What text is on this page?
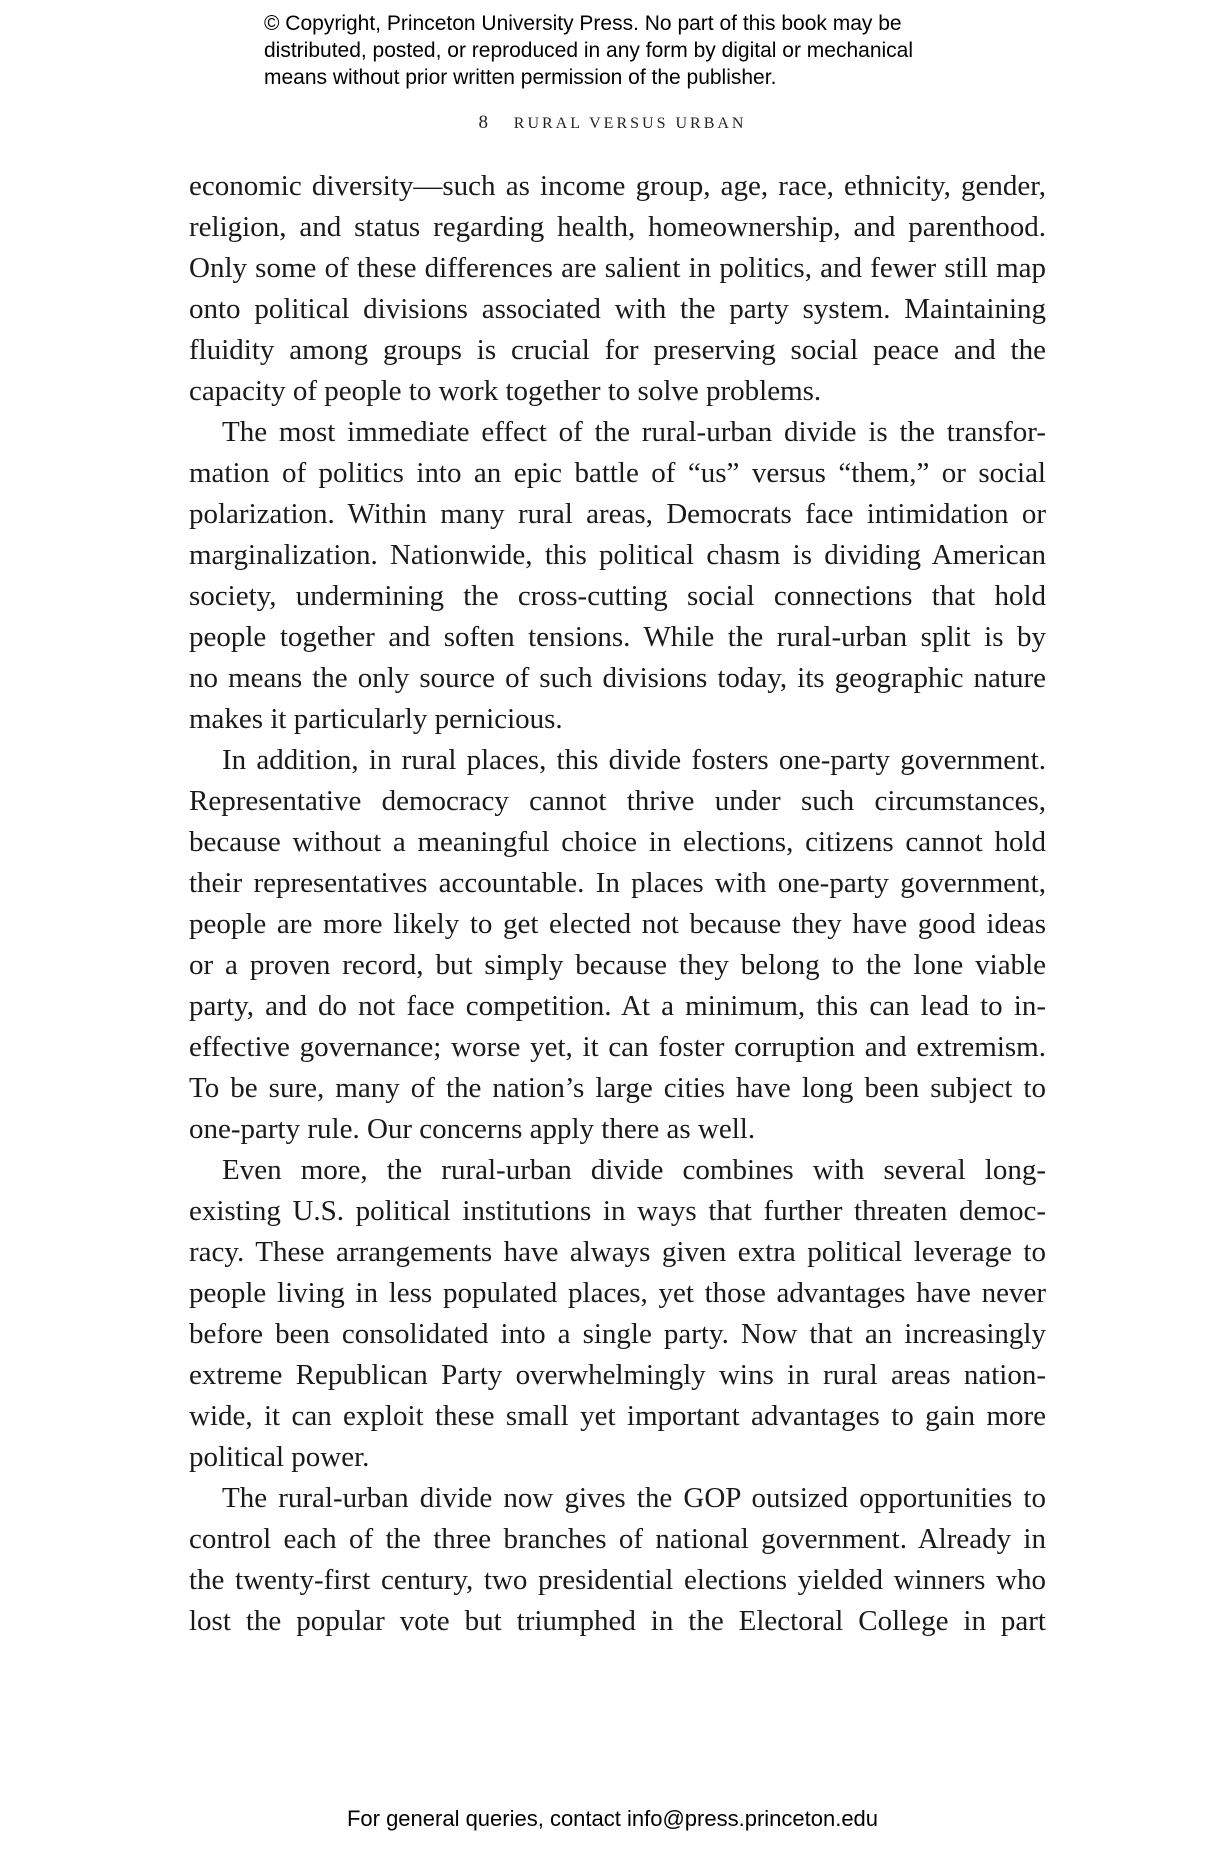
© Copyright, Princeton University Press. No part of this book may be
distributed, posted, or reproduced in any form by digital or mechanical
means without prior written permission of the publisher.
8 RURAL VERSUS URBAN
economic diversity—such as income group, age, race, ethnicity, gender,
religion, and status regarding health, homeownership, and parenthood.
Only some of these differences are salient in politics, and fewer still map
onto political divisions associated with the party system. Maintaining
fluidity among groups is crucial for preserving social peace and the
capacity of people to work together to solve problems.
The most immediate effect of the rural-urban divide is the transfor-
mation of politics into an epic battle of “us” versus “them,” or social
polarization. Within many rural areas, Democrats face intimidation or
marginalization. Nationwide, this political chasm is dividing American
society, undermining the cross-cutting social connections that hold
people together and soften tensions. While the rural-urban split is by
no means the only source of such divisions today, its geographic nature
makes it particularly pernicious.
In addition, in rural places, this divide fosters one-party government.
Representative democracy cannot thrive under such circumstances,
because without a meaningful choice in elections, citizens cannot hold
their representatives accountable. In places with one-party government,
people are more likely to get elected not because they have good ideas
or a proven record, but simply because they belong to the lone viable
party, and do not face competition. At a minimum, this can lead to in-
effective governance; worse yet, it can foster corruption and extremism.
To be sure, many of the nation’s large cities have long been subject to
one-party rule. Our concerns apply there as well.
Even more, the rural-urban divide combines with several long-
existing U.S. political institutions in ways that further threaten democ-
racy. These arrangements have always given extra political leverage to
people living in less populated places, yet those advantages have never
before been consolidated into a single party. Now that an increasingly
extreme Republican Party overwhelmingly wins in rural areas nation-
wide, it can exploit these small yet important advantages to gain more
political power.
The rural-urban divide now gives the GOP outsized opportunities to
control each of the three branches of national government. Already in
the twenty-first century, two presidential elections yielded winners who
lost the popular vote but triumphed in the Electoral College in part
For general queries, contact info@press.princeton.edu
